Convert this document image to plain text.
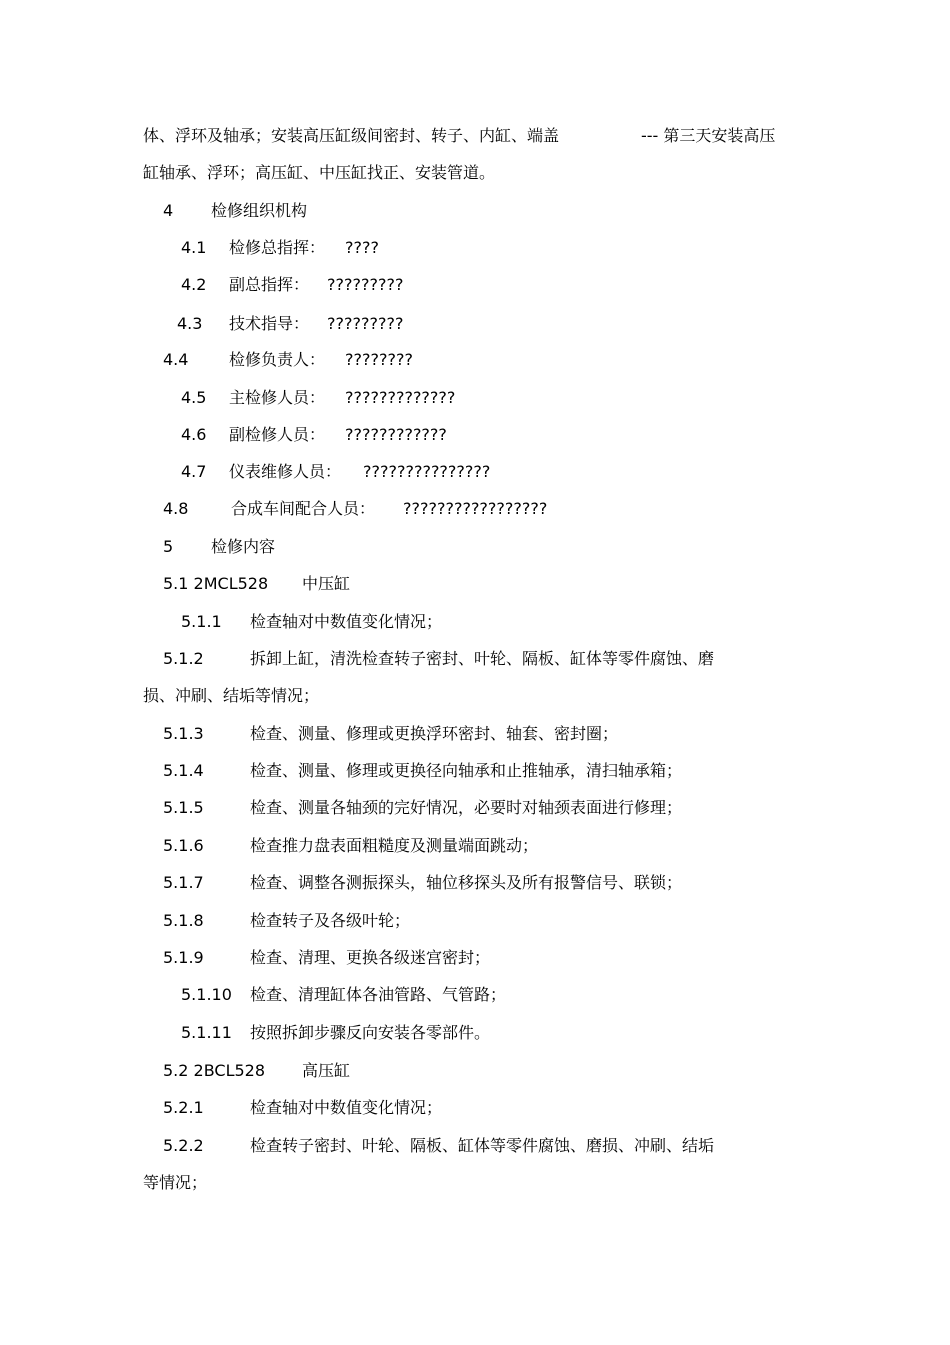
体、浮环及轴承；安装高压缸级间密封、转子、内缸、端盖	--- 第三天安装高压
缸轴承、浮环；高压缸、中压缸找正、安装管道。
4 检修组织机构
4.1 检修总指挥： ????
4.2 副总指挥： ?????????
4.3 技术指导： ?????????
4.4	检修负责人： ????????
4.5 主检修人员： ?????????????
4.6 副检修人员： ????????????
4.7 仪表维修人员： ???????????????
4.8	合成车间配合人员： ?????????????????
5 检修内容
5.1 2MCL528 中压缸
5.1.1 检查轴对中数值变化情况；
5.1.2	拆卸上缸，清洗检查转子密封、叶轮、隔板、缸体等零件腐蚀、磨
损、冲刷、结垢等情况；
5.1.3	检查、测量、修理或更换浮环密封、轴套、密封圈；
5.1.4	检查、测量、修理或更换径向轴承和止推轴承，清扫轴承箱；
5.1.5	检查、测量各轴颈的完好情况，必要时对轴颈表面进行修理；
5.1.6	检查推力盘表面粗糙度及测量端面跳动；
5.1.7	检查、调整各测振探头，轴位移探头及所有报警信号、联锁；
5.1.8	检查转子及各级叶轮；
5.1.9	检查、清理、更换各级迷宫密封；
5.1.10 检查、清理缸体各油管路、气管路；
5.1.11 按照拆卸步骤反向安装各零部件。
5.2 2BCL528 高压缸
5.2.1	检查轴对中数值变化情况；
5.2.2	检查转子密封、叶轮、隔板、缸体等零件腐蚀、磨损、冲刷、结垢
等情况；
